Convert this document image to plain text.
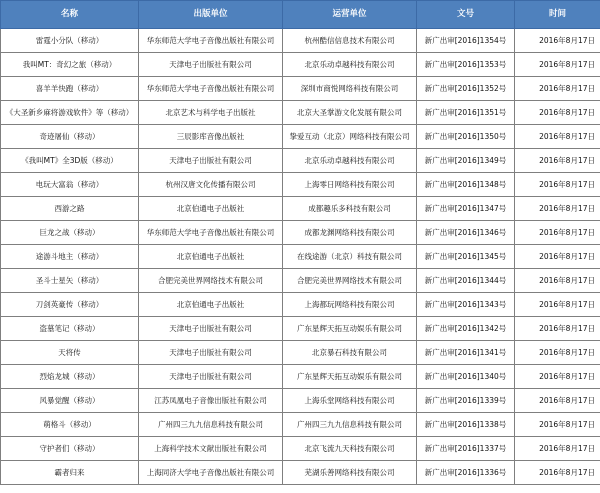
名称	出版单位	运营单位	文号	时间
雷霆小分队（移动）	华东师范大学电子音像出版社有限公司	杭州酷信信息技术有限公司	新广出审[2016]1354号	2016年8月17日
我叫MT：奇幻之旅（移动）	天津电子出版社有限公司	北京乐动卓越科技有限公司	新广出审[2016]1353号	2016年8月17日
喜羊羊快跑（移动）	华东师范大学电子音像出版社有限公司	深圳市商悦网络科技有限公司	新广出审[2016]1352号	2016年8月17日
《大圣新乡麻将游戏软件》等（移动）	北京艺术与科学电子出版社	北京大圣掌游文化发展有限公司	新广出审[2016]1351号	2016年8月17日
奇迹屠仙（移动）	三辰影库音像出版社	挚爱互动（北京）网络科技有限公司	新广出审[2016]1350号	2016年8月17日
《我叫MT》全3D版（移动）	天津电子出版社有限公司	北京乐动卓越科技有限公司	新广出审[2016]1349号	2016年8月17日
电玩大富翁（移动）	杭州汉唐文化传播有限公司	上海零日网络科技有限公司	新广出审[2016]1348号	2016年8月17日
西游之路	北京伯通电子出版社	成都趣乐多科技有限公司	新广出审[2016]1347号	2016年8月17日
巨龙之战（移动）	华东师范大学电子音像出版社有限公司	成都龙渊网络科技有限公司	新广出审[2016]1346号	2016年8月17日
途游斗地主（移动）	北京伯通电子出版社	在线途游（北京）科技有限公司	新广出审[2016]1345号	2016年8月17日
圣斗士星矢（移动）	合肥完美世界网络技术有限公司	合肥完美世界网络技术有限公司	新广出审[2016]1344号	2016年8月17日
刀剑英豪传（移动）	北京伯通电子出版社	上海都玩网络科技有限公司	新广出审[2016]1343号	2016年8月17日
盗墓笔记（移动）	天津电子出版社有限公司	广东星辉天拓互动娱乐有限公司	新广出审[2016]1342号	2016年8月17日
天将传	天津电子出版社有限公司	北京暴石科技有限公司	新广出审[2016]1341号	2016年8月17日
烈焰龙城（移动）	天津电子出版社有限公司	广东星辉天拓互动娱乐有限公司	新广出审[2016]1340号	2016年8月17日
风暴觉醒（移动）	江苏凤凰电子音像出版社有限公司	上海乐堂网络科技有限公司	新广出审[2016]1339号	2016年8月17日
萌格斗（移动）	广州四三九九信息科技有限公司	广州四三九九信息科技有限公司	新广出审[2016]1338号	2016年8月17日
守护者们（移动）	上海科学技术文献出版社有限公司	北京飞流九天科技有限公司	新广出审[2016]1337号	2016年8月17日
霸者归来	上海同济大学电子音像出版社有限公司	芜湖乐善网络科技有限公司	新广出审[2016]1336号	2016年8月17日
